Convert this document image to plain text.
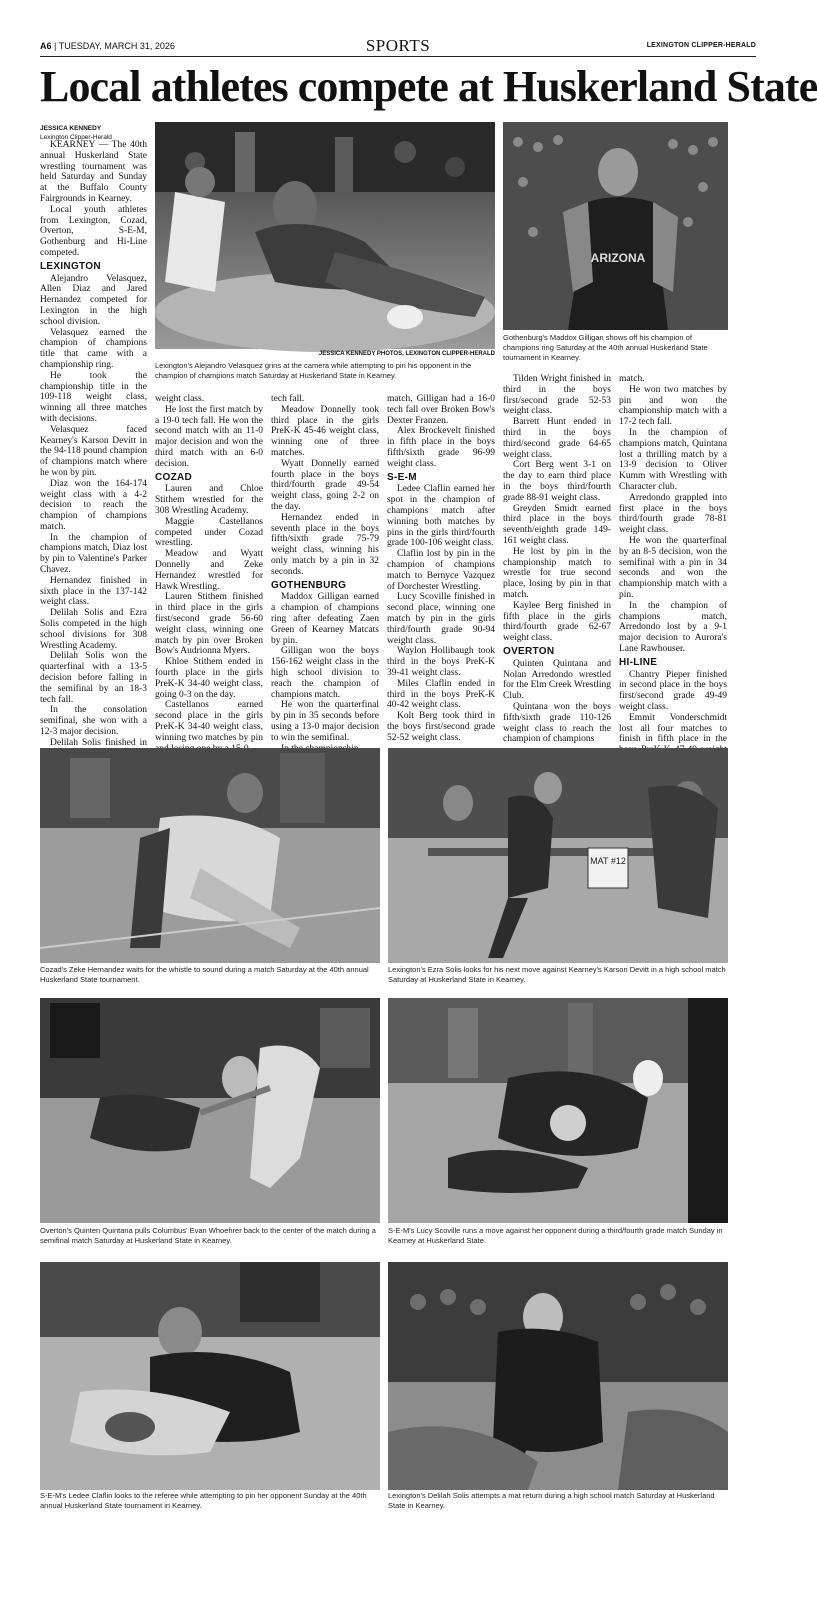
A6 | TUESDAY, MARCH 31, 2026	SPORTS	LEXINGTON CLIPPER-HERALD
Local athletes compete at Huskerland State
JESSICA KENNEDY
Lexington Clipper-Herald

KEARNEY — The 40th annual Huskerland State wrestling tournament was held Saturday and Sunday at the Buffalo County Fairgrounds in Kearney.

Local youth athletes from Lexington, Cozad, Overton, S-E-M, Gothenburg and Hi-Line competed.

LEXINGTON

Alejandro Velasquez, Allen Diaz and Jared Hernandez competed for Lexington in the high school division.

Velasquez earned the champion of champions title that came with a championship ring.

He took the championship title in the 109-118 weight class, winning all three matches with decisions.

Velasquez faced Kearney's Karson Devitt in the 94-118 pound champion of champions match where he won by pin.

Diaz won the 164-174 weight class with a 4-2 decision to reach the champion of champions match.

In the champion of champions match, Diaz lost by pin to Valentine's Parker Chavez.

Hernandez finished in sixth place in the 137-142 weight class.

Delilah Solis and Ezra Solis competed in the high school divisions for 308 Wrestling Academy.

Delilah Solis won the quarterfinal with a 13-5 decision before falling in the semifinal by an 18-3 tech fall.

In the consolation semifinal, she won with a 12-3 major decision.

Delilah Solis finished in

weight class.

He lost the first match by a 19-0 tech fall. He won the second match with an 11-0 major decision and won the third match with an 6-0 decision.

COZAD

Lauren and Chloe Stithem wrestled for the 308 Wrestling Academy.

Maggie Castellanos competed under Cozad wrestling.

Meadow and Wyatt Donnelly and Zeke Hernandez wrestled for Hawk Wrestling.

Lauren Stithem finished in third place in the girls first/second grade 56-60 weight class, winning one match by pin over Broken Bow's Audrionna Myers.

Khloe Stithem ended in fourth place in the girls PreK-K 34-40 weight class, going 0-3 on the day.

Castellanos earned second place in the girls PreK-K 34-40 weight class, winning two matches by pin

tech fall.

Meadow Donnelly took third place in the girls PreK-K 45-46 weight class, winning one of three matches.

Wyatt Donnelly earned fourth place in the boys third/fourth grade 49-54 weight class, going 2-2 on the day.

Hernandez ended in seventh place in the boys fifth/sixth grade 75-79 weight class, winning his only match by a pin in 32 seconds.

GOTHENBURG

Maddox Gilligan earned a champion of champions ring after defeating Zaen Green of Kearney Matcats by pin.

Gilligan won the boys 156-162 weight class in the high school division to reach the champion of champions match.

He won the quarterfinal by pin in 35 seconds before using a 13-0 major decision to win the semifinal.

match, Gilligan had a 16-0 tech fall over Broken Bow's Dexter Franzen.

Alex Brockevelt finished in fifth place in the boys fifth/sixth grade 96-99 weight class.

S-E-M

Ledee Claflin earned her spot in the champion of champions match after winning both matches by pins in the girls third/fourth grade 100-106 weight class.

Claflin lost by pin in the champion of champions match to Bernyce Vazquez of Dorchester Wrestling.

Lucy Scoville finished in second place, winning one match by pin in the girls third/fourth grade 90-94 weight class.

Waylon Hollibaugh took third in the boys PreK-K 39-41 weight class.

Miles Claflin ended in third in the boys PreK-K 40-42 weight class.

Kolt Berg took third in the boys first/second grade 52-52 weight class.

Tilden Wright finished in third in the boys first/second grade 52-53 weight class.

Barrett Hunt ended in third in the boys third/second grade 64-65 weight class.

Cort Berg went 3-1 on the day to earn third place in the boys third/fourth grade 88-91 weight class.

Greyden Smidt earned third place in the boys seventh/eighth grade 149-161 weight class.

He lost by pin in the championship match to wrestle for true second place, losing by pin in that match.

Kaylee Berg finished in fifth place in the girls third/fourth grade 62-67 weight class.

OVERTON

Quinten Quintana and Nolan Arredondo wrestled for the Elm Creek Wrestling Club.

Quintana won the boys fifth/sixth grade 110-126 weight class to reach the champion of champions

match.

He won two matches by pin and won the championship match with a 17-2 tech fall.

In the champion of champions match, Quintana lost a thrilling match by a 13-9 decision to Oliver Kumm with Wrestling with Character club.

Arredondo grappled into first place in the boys third/fourth grade 78-81 weight class.

He won the quarterfinal by an 8-5 decision, won the semifinal with a pin in 34 seconds and won the championship match with a pin.

In the champion of champions match, Arredondo lost by a 9-1 major decision to Aurora's Lane Rawhouser.

HI-LINE

Chantry Pieper finished in second place in the boys first/second grade 49-49 weight class.

Emmit Vonderschmidt lost all four matches to finish in fifth place in the

JESSICA KENNEDY PHOTOS, LEXINGTON CLIPPER-HERALD
Lexington's Alejandro Velasquez grins at the camera while attempting to pin his opponent in the champion of champions match Saturday at Huskerland State in Kearney.
ARIZONA
Gothenburg's Maddox Gilligan shows off his champion of champions ring Saturday at the 40th annual Huskerland State tournament in Kearney.
Cozad's Zeke Hernandez waits for the whistle to sound during a match Saturday at the 40th annual Huskerland State tournament.
MAT #12
Lexington's Ezra Solis looks for his next move against Kearney's Karson Devitt in a high school match Saturday at Huskerland State in Kearney.
Overton's Quinten Quintana pulls Columbus' Evan Whoehrer back to the center of the match during a semifinal match Saturday at Huskerland State in Kearney.
S-E-M's Lucy Scoville runs a move against her opponent during a third/fourth grade match Sunday in Kearney at Huskerland State.
S-E-M's Ledee Claflin looks to the referee while attempting to pin her opponent Sunday at the 40th annual Huskerland State tournament in Kearney.
Lexington's Delilah Solis attempts a mat return during a high school match Saturday at Huskerland State in Kearney.
